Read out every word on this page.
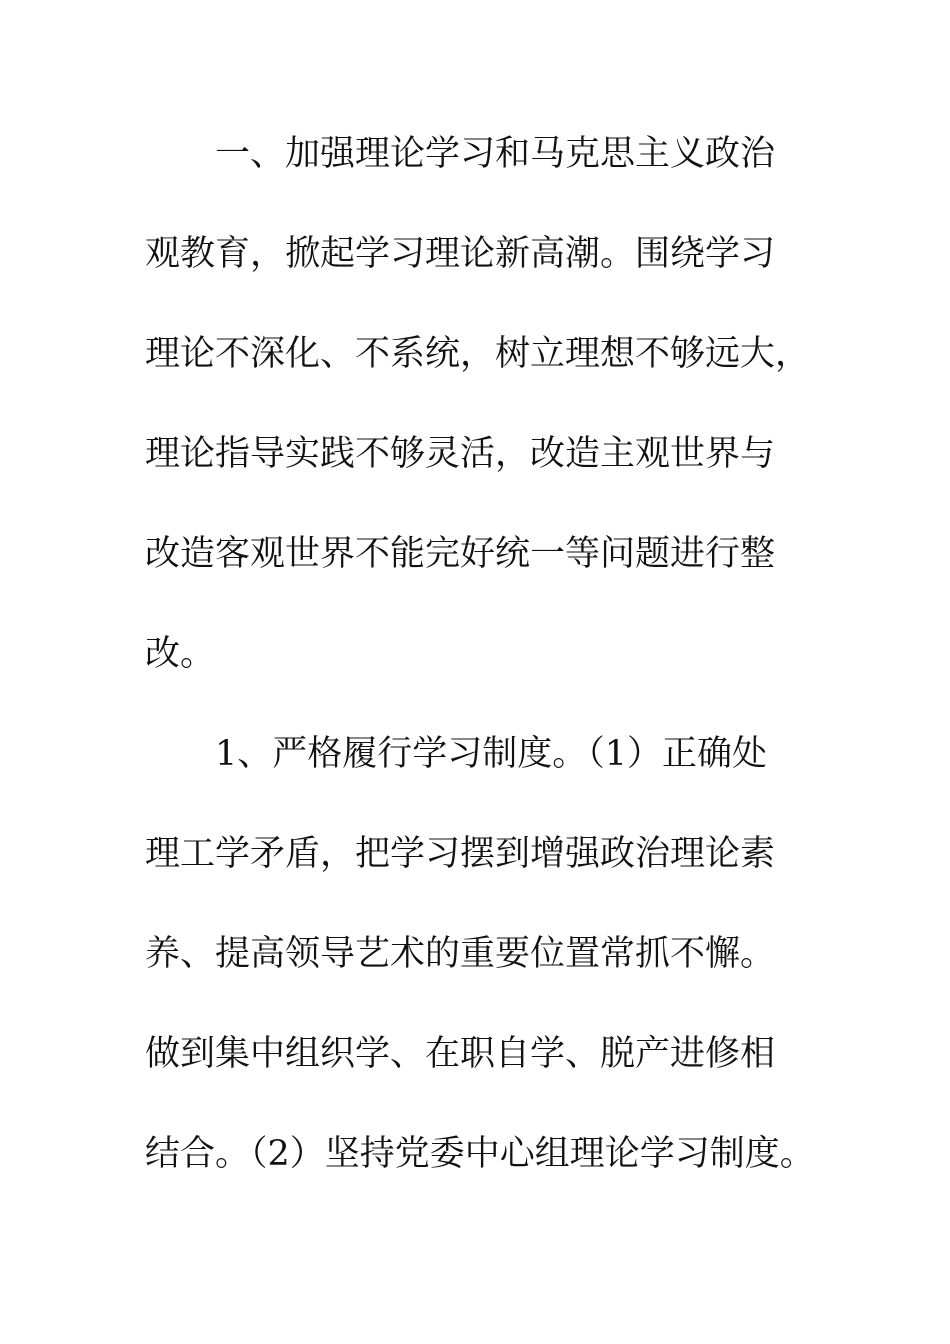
一、加强理论学习和马克思主义政治
观教育，掀起学习理论新高潮。围绕学习
理论不深化、不系统，树立理想不够远大，
理论指导实践不够灵活，改造主观世界与
改造客观世界不能完好统一等问题进行整
改。
1、严格履行学习制度。（1）正确处
理工学矛盾，把学习摆到增强政治理论素
养、提高领导艺术的重要位置常抓不懈。
做到集中组织学、在职自学、脱产进修相
结合。（2）坚持党委中心组理论学习制度。
